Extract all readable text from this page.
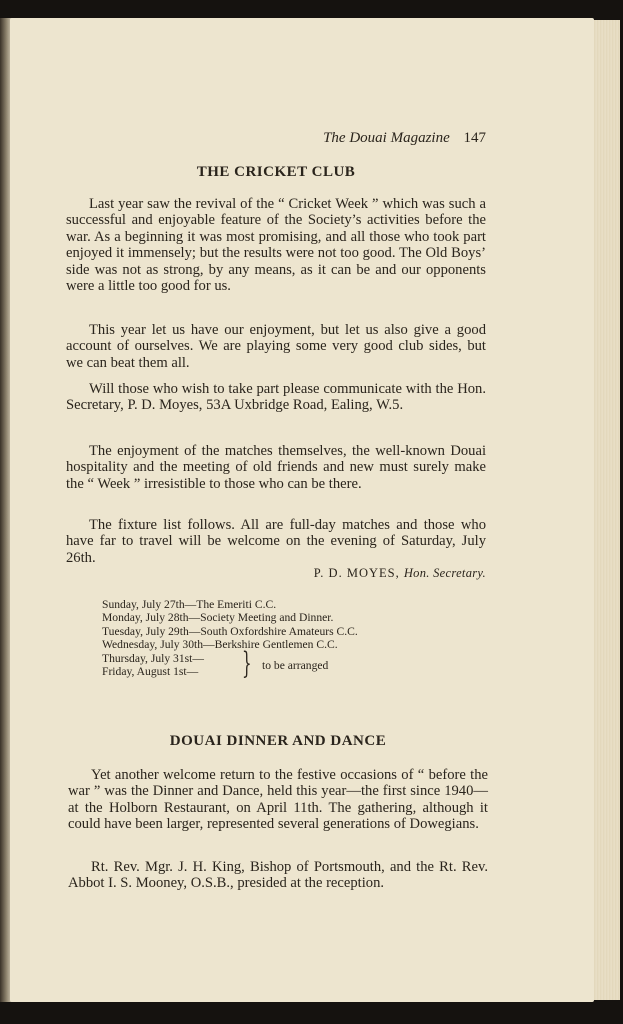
The Douai Magazine 147
THE CRICKET CLUB

Last year saw the revival of the “ Cricket Week ” which was such a successful and enjoyable feature of the Society’s activities before the war. As a beginning it was most promising, and all those who took part enjoyed it immensely; but the results were not too good. The Old Boys’ side was not as strong, by any means, as it can be and our opponents were a little too good for us.

This year let us have our enjoyment, but let us also give a good account of ourselves. We are playing some very good club sides, but we can beat them all.

Will those who wish to take part please communicate with the Hon. Secretary, P. D. Moyes, 53A Uxbridge Road, Ealing, W.5.

The enjoyment of the matches themselves, the well-known Douai hospitality and the meeting of old friends and new must surely make the “ Week ” irresistible to those who can be there.

The fixture list follows. All are full-day matches and those who have far to travel will be welcome on the evening of Saturday, July 26th.

P. D. MOYES, Hon. Secretary.
Sunday, July 27th—The Emeriti C.C.
Monday, July 28th—Society Meeting and Dinner.
Tuesday, July 29th—South Oxfordshire Amateurs C.C.
Wednesday, July 30th—Berkshire Gentlemen C.C.
Thursday, July 31st—
Friday, August 1st—	} to be arranged
DOUAI DINNER AND DANCE

Yet another welcome return to the festive occasions of “ before the war ” was the Dinner and Dance, held this year—the first since 1940—at the Holborn Restaurant, on April 11th. The gathering, although it could have been larger, represented several generations of Dowegians.

Rt. Rev. Mgr. J. H. King, Bishop of Portsmouth, and the Rt. Rev. Abbot I. S. Mooney, O.S.B., presided at the reception.
